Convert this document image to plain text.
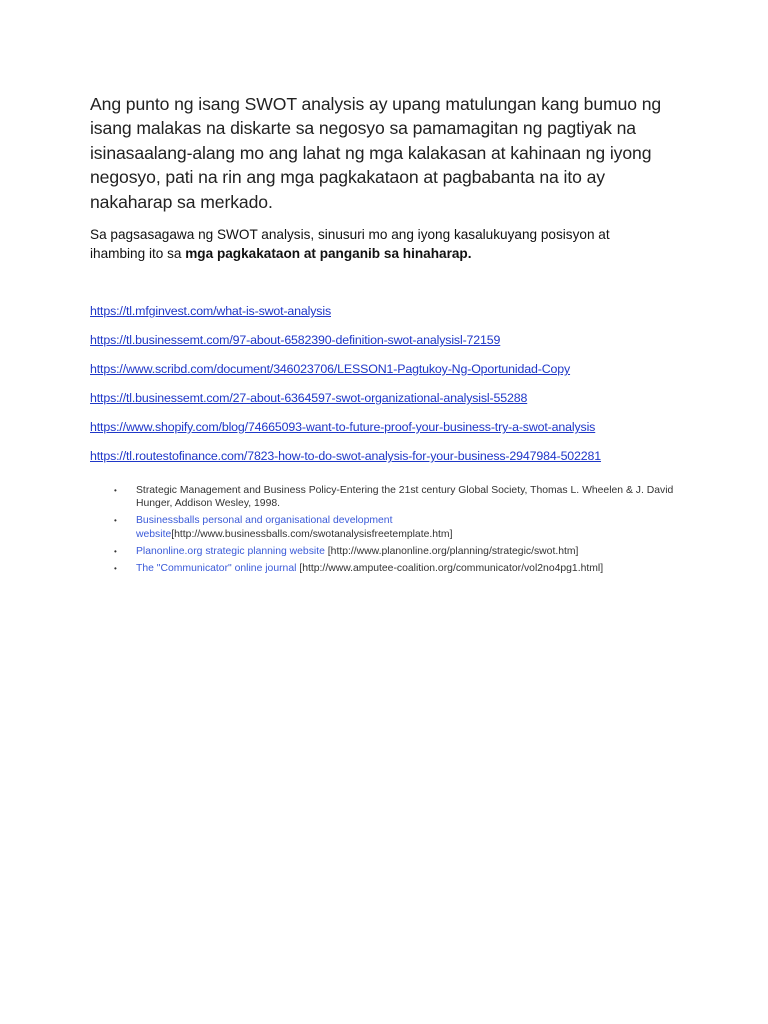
Ang punto ng isang SWOT analysis ay upang matulungan kang bumuo ng isang malakas na diskarte sa negosyo sa pamamagitan ng pagtiyak na isinasaalang-alang mo ang lahat ng mga kalakasan at kahinaan ng iyong negosyo, pati na rin ang mga pagkakataon at pagbabanta na ito ay nakaharap sa merkado.

Sa pagsasagawa ng SWOT analysis, sinusuri mo ang iyong kasalukuyang posisyon at ihambing ito sa mga pagkakataon at panganib sa hinaharap.

https://tl.mfginvest.com/what-is-swot-analysis
https://tl.businessemt.com/97-about-6582390-definition-swot-analysisl-72159
https://www.scribd.com/document/346023706/LESSON1-Pagtukoy-Ng-Oportunidad-Copy
https://tl.businessemt.com/27-about-6364597-swot-organizational-analysisl-55288
https://www.shopify.com/blog/74665093-want-to-future-proof-your-business-try-a-swot-analysis
https://tl.routestofinance.com/7823-how-to-do-swot-analysis-for-your-business-2947984-502281
• Strategic Management and Business Policy-Entering the 21st century Global Society, Thomas L. Wheelen & J. David Hunger, Addison Wesley, 1998.
• Businessballs personal and organisational development website[http://www.businessballs.com/swotanalysisfreetemplate.htm]
• Planonline.org strategic planning website [http://www.planonline.org/planning/strategic/swot.htm]
• The "Communicator" online journal [http://www.amputee-coalition.org/communicator/vol2no4pg1.html]
